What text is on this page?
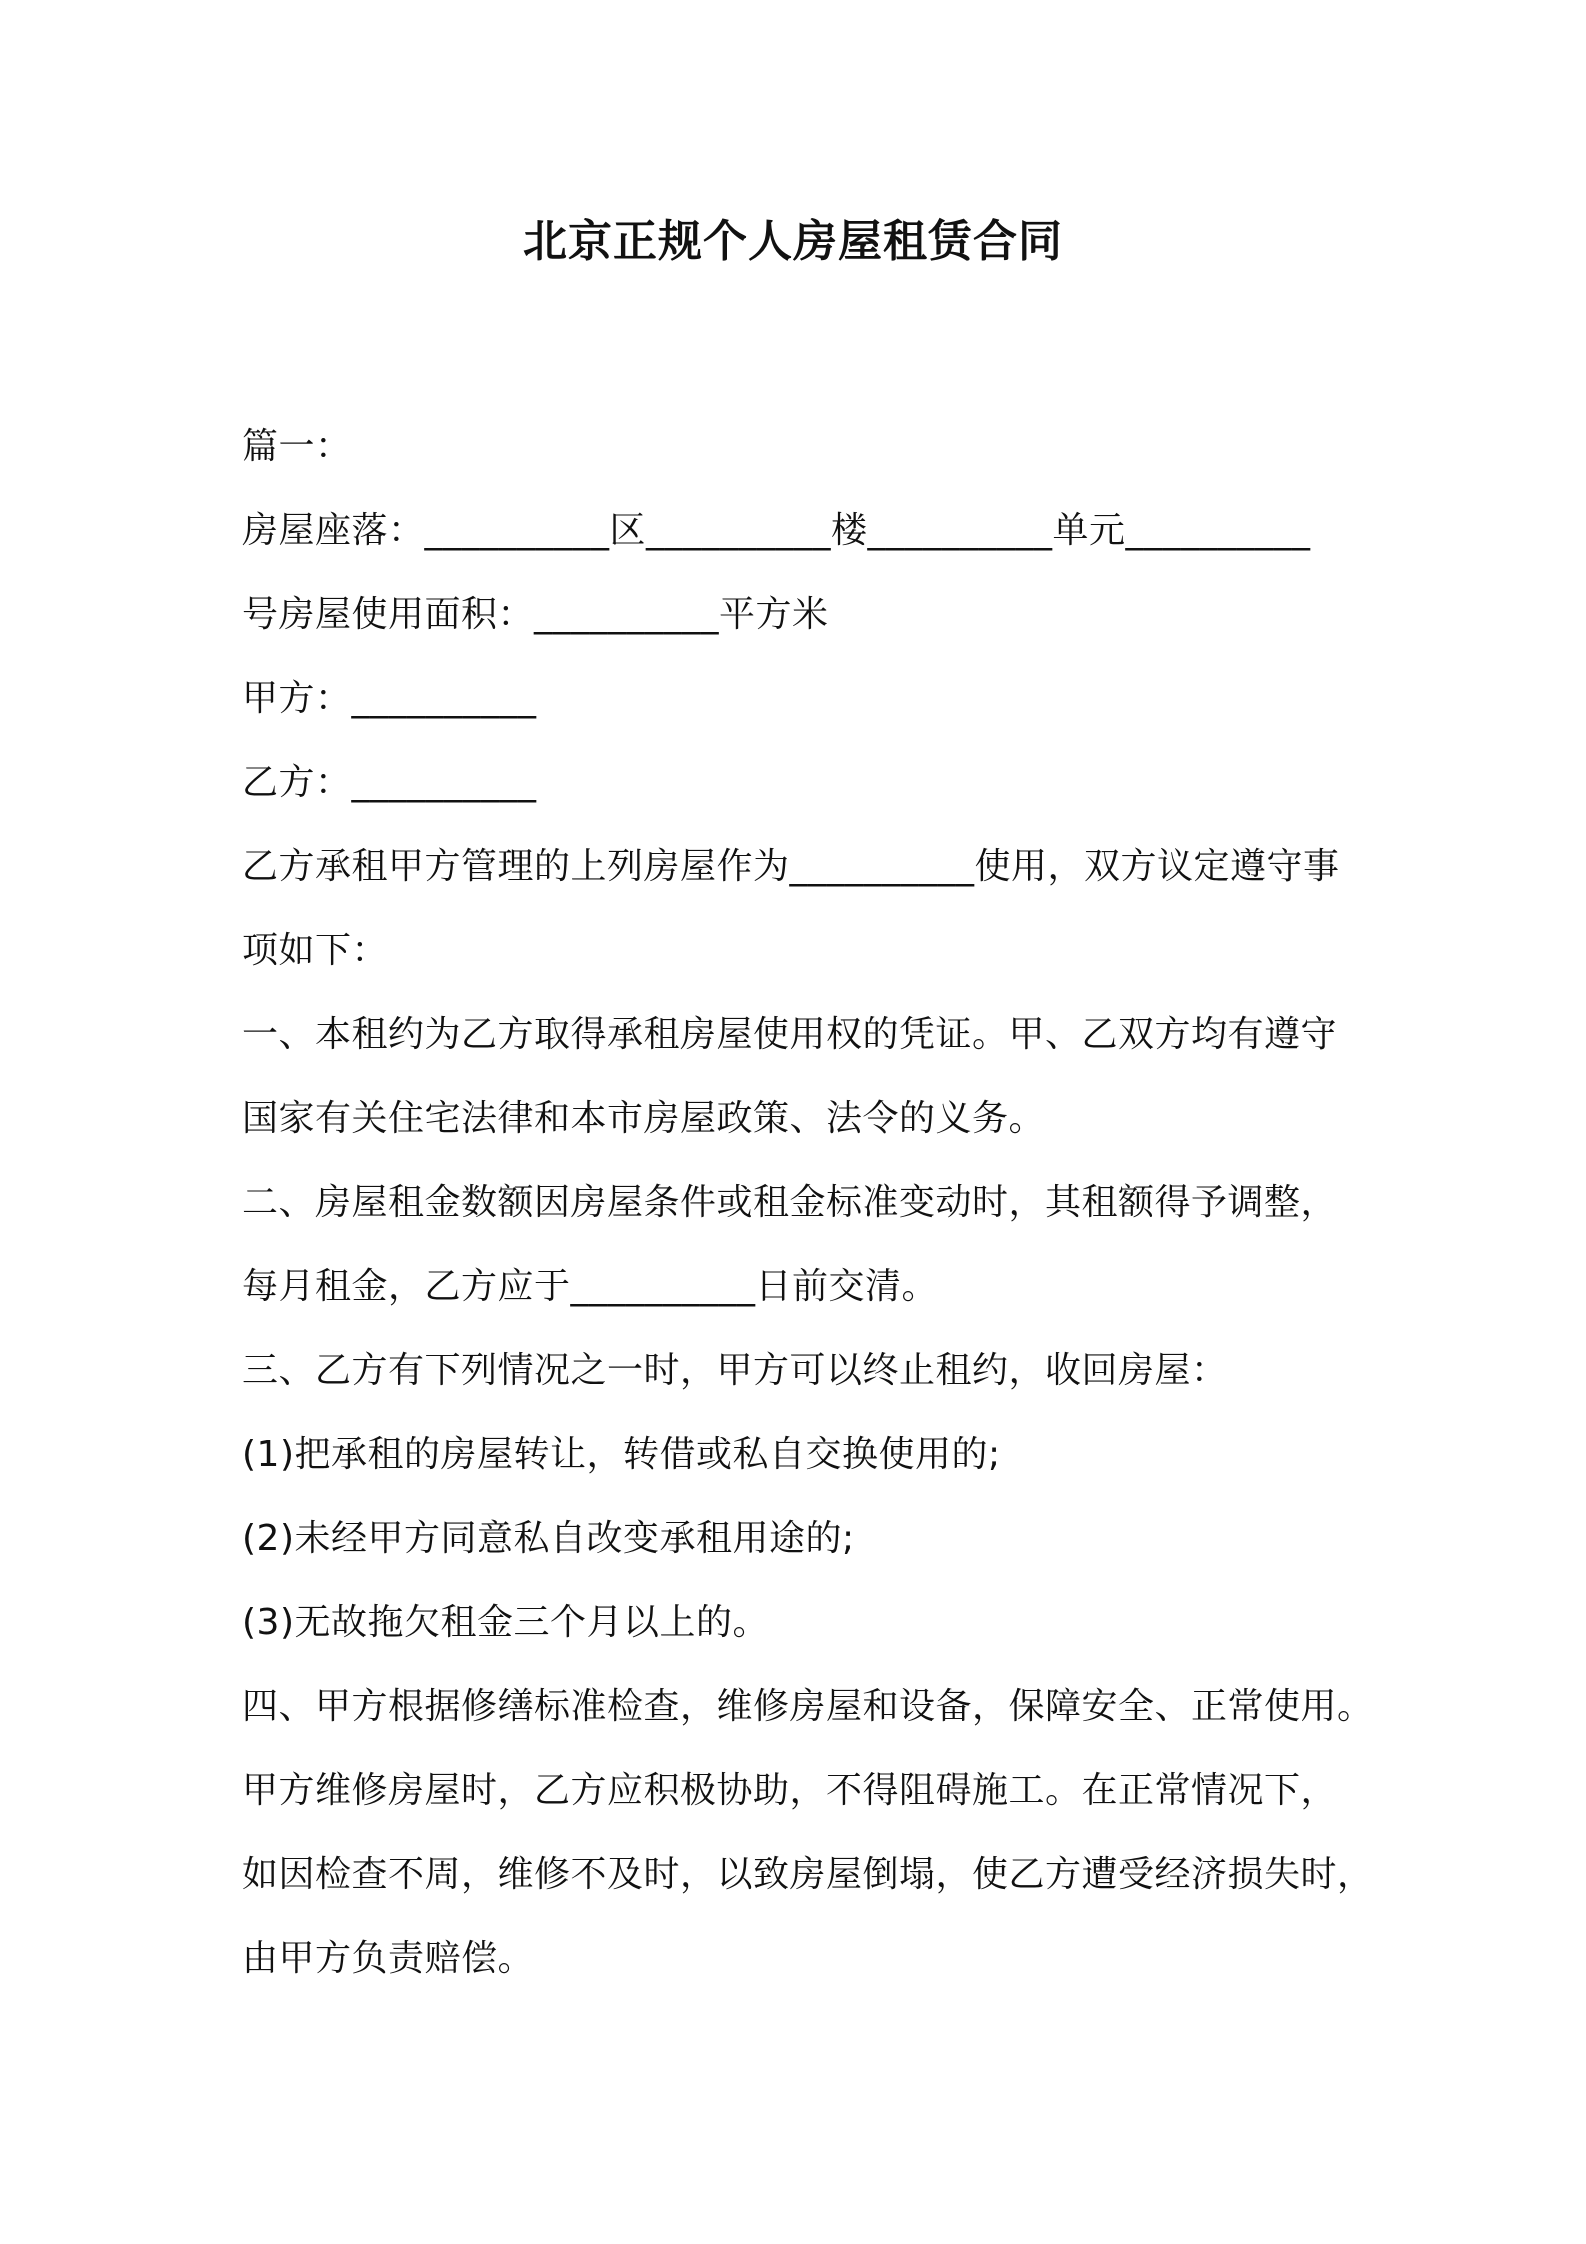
北京正规个人房屋租赁合同

篇一：

房屋座落：__________区__________楼__________单元__________

号房屋使用面积：__________平方米

甲方：__________

乙方：__________

乙方承租甲方管理的上列房屋作为__________使用，双方议定遵守事

项如下：

一、本租约为乙方取得承租房屋使用权的凭证。甲、乙双方均有遵守

国家有关住宅法律和本市房屋政策、法令的义务。

二、房屋租金数额因房屋条件或租金标准变动时，其租额得予调整，

每月租金，乙方应于__________日前交清。

三、乙方有下列情况之一时，甲方可以终止租约，收回房屋：

(1)把承租的房屋转让，转借或私自交换使用的;

(2)未经甲方同意私自改变承租用途的;

(3)无故拖欠租金三个月以上的。

四、甲方根据修缮标准检查，维修房屋和设备，保障安全、正常使用。

甲方维修房屋时，乙方应积极协助，不得阻碍施工。在正常情况下，

如因检查不周，维修不及时，以致房屋倒塌，使乙方遭受经济损失时，

由甲方负责赔偿。
